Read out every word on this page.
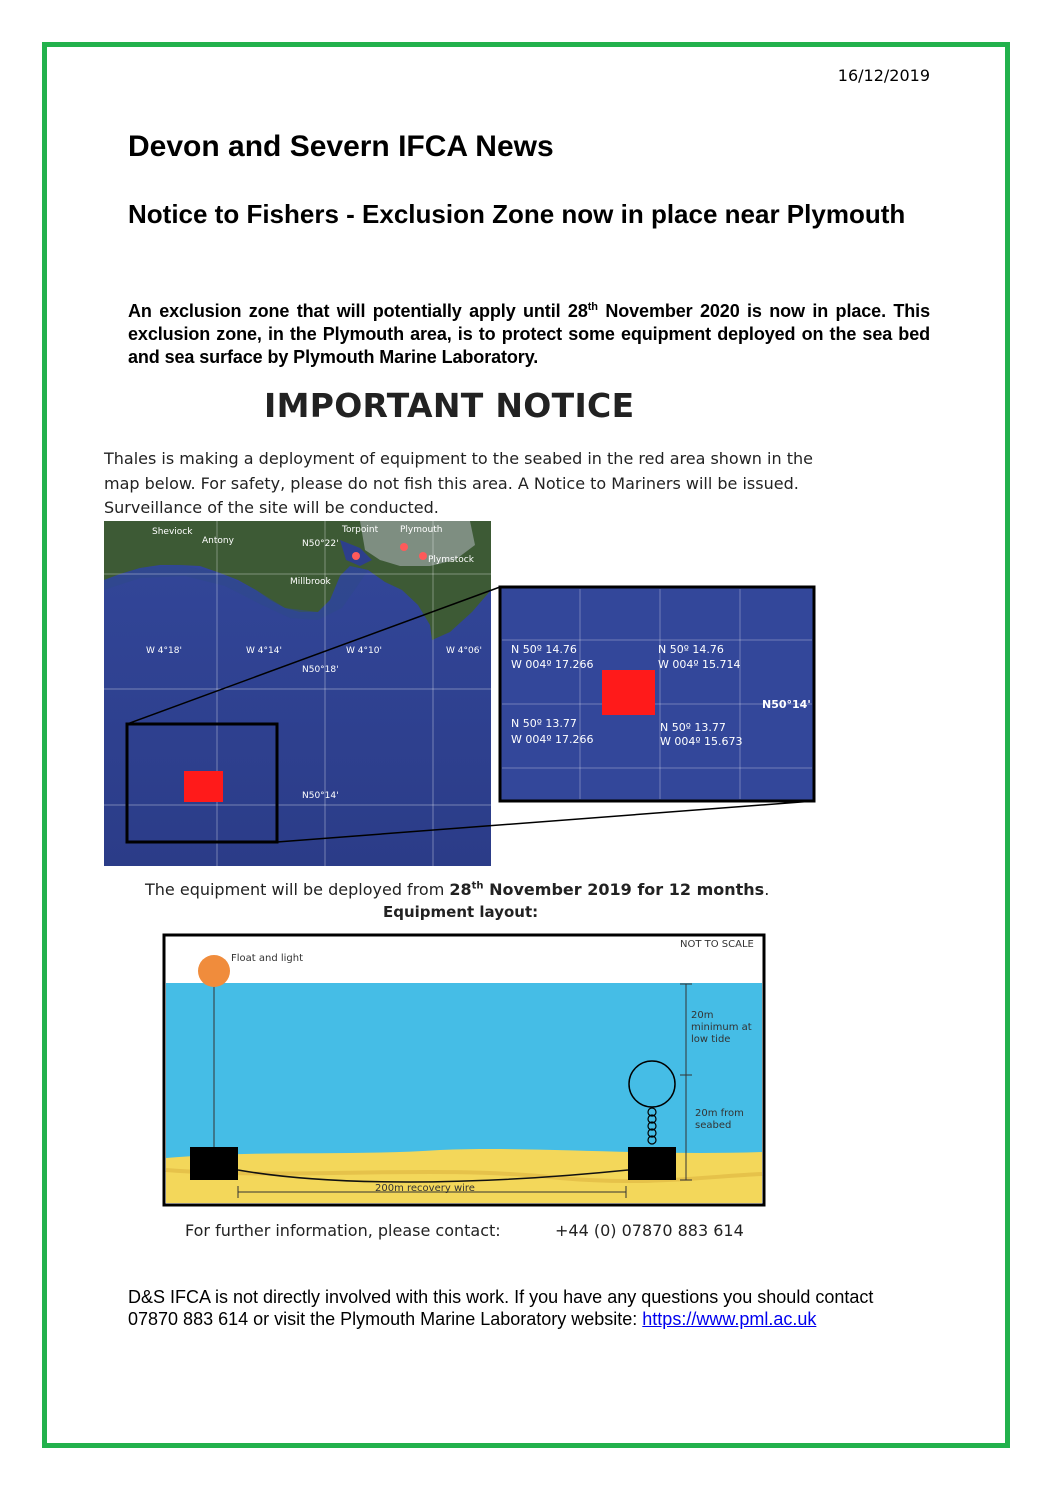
16/12/2019
Devon and Severn IFCA News
Notice to Fishers - Exclusion Zone now in place near Plymouth

An exclusion zone that will potentially apply until 28th November 2020 is now in place. This exclusion zone, in the Plymouth area, is to protect some equipment deployed on the sea bed and sea surface by Plymouth Marine Laboratory.

IMPORTANT NOTICE

Thales is making a deployment of equipment to the seabed in the red area shown in the map below. For safety, please do not fish this area. A Notice to Mariners will be issued. Surveillance of the site will be conducted.

Sheviock
Antony
Torpoint Plymouth
Plymstock
Millbrook
N50°22'
N50°18'
N50°14'
W 4°18'	W 4°14'	W 4°10'	W 4°06'	N 50º 14.76
W 004º 17.266
N 50º 14.76
W 004º 15.714
N 50º 13.77
W 004º 17.266
N 50º 13.77
W 004º 15.673
N50°14'
The equipment will be deployed from 28th November 2019 for 12 months.
Equipment layout:
Float and light
NOT TO SCALE
20m
minimum at
low tide
20m from
seabed
200m recovery wire
For further information, please contact:	+44 (0) 07870 883 614

D&S IFCA is not directly involved with this work. If you have any questions you should contact 07870 883 614 or visit the Plymouth Marine Laboratory website: https://www.pml.ac.uk
